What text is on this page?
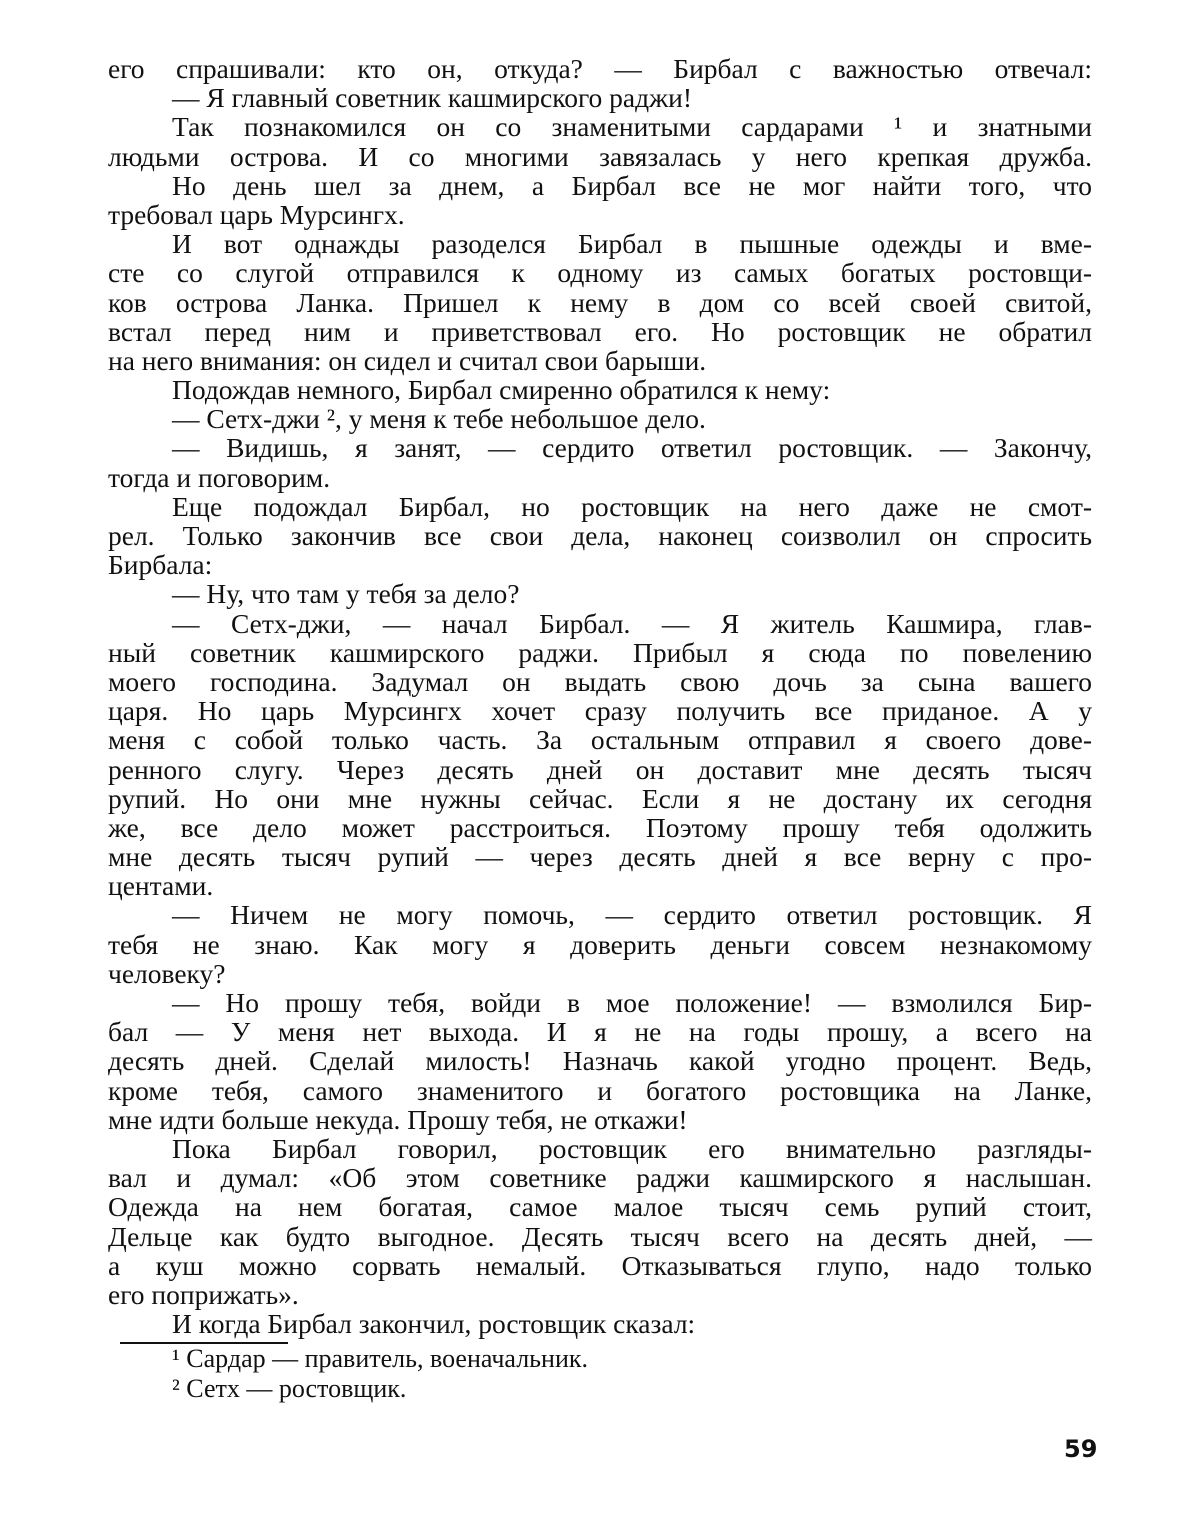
его спрашивали: кто он, откуда? — Бирбал с важностью отвечал:
— Я главный советник кашмирского раджи!
Так познакомился он со знаменитыми сардарами ¹ и знатными
людьми острова. И со многими завязалась у него крепкая дружба.
Но день шел за днем, а Бирбал все не мог найти того, что
требовал царь Мурсингх.
И вот однажды разоделся Бирбал в пышные одежды и вме-
сте со слугой отправился к одному из самых богатых ростовщи-
ков острова Ланка. Пришел к нему в дом со всей своей свитой,
встал перед ним и приветствовал его. Но ростовщик не обратил
на него внимания: он сидел и считал свои барыши.
Подождав немного, Бирбал смиренно обратился к нему:
— Сетх-джи ², у меня к тебе небольшое дело.
— Видишь, я занят, — сердито ответил ростовщик. — Закончу,
тогда и поговорим.
Еще подождал Бирбал, но ростовщик на него даже не смот-
рел. Только закончив все свои дела, наконец соизволил он спросить
Бирбала:
— Ну, что там у тебя за дело?
— Сетх-джи, — начал Бирбал. — Я житель Кашмира, глав-
ный советник кашмирского раджи. Прибыл я сюда по повелению
моего господина. Задумал он выдать свою дочь за сына вашего
царя. Но царь Мурсингх хочет сразу получить все приданое. А у
меня с собой только часть. За остальным отправил я своего дове-
ренного слугу. Через десять дней он доставит мне десять тысяч
рупий. Но они мне нужны сейчас. Если я не достану их сегодня
же, все дело может расстроиться. Поэтому прошу тебя одолжить
мне десять тысяч рупий — через десять дней я все верну с про-
центами.
— Ничем не могу помочь, — сердито ответил ростовщик. Я
тебя не знаю. Как могу я доверить деньги совсем незнакомому
человеку?
— Но прошу тебя, войди в мое положение! — взмолился Бир-
бал — У меня нет выхода. И я не на годы прошу, а всего на
десять дней. Сделай милость! Назначь какой угодно процент. Ведь,
кроме тебя, самого знаменитого и богатого ростовщика на Ланке,
мне идти больше некуда. Прошу тебя, не откажи!
Пока Бирбал говорил, ростовщик его внимательно разгляды-
вал и думал: «Об этом советнике раджи кашмирского я наслышан.
Одежда на нем богатая, самое малое тысяч семь рупий стоит,
Дельце как будто выгодное. Десять тысяч всего на десять дней, —
а куш можно сорвать немалый. Отказываться глупо, надо только
его поприжать».
И когда Бирбал закончил, ростовщик сказал:
¹ Сардар — правитель, военачальник.
² Сетх — ростовщик.
59
